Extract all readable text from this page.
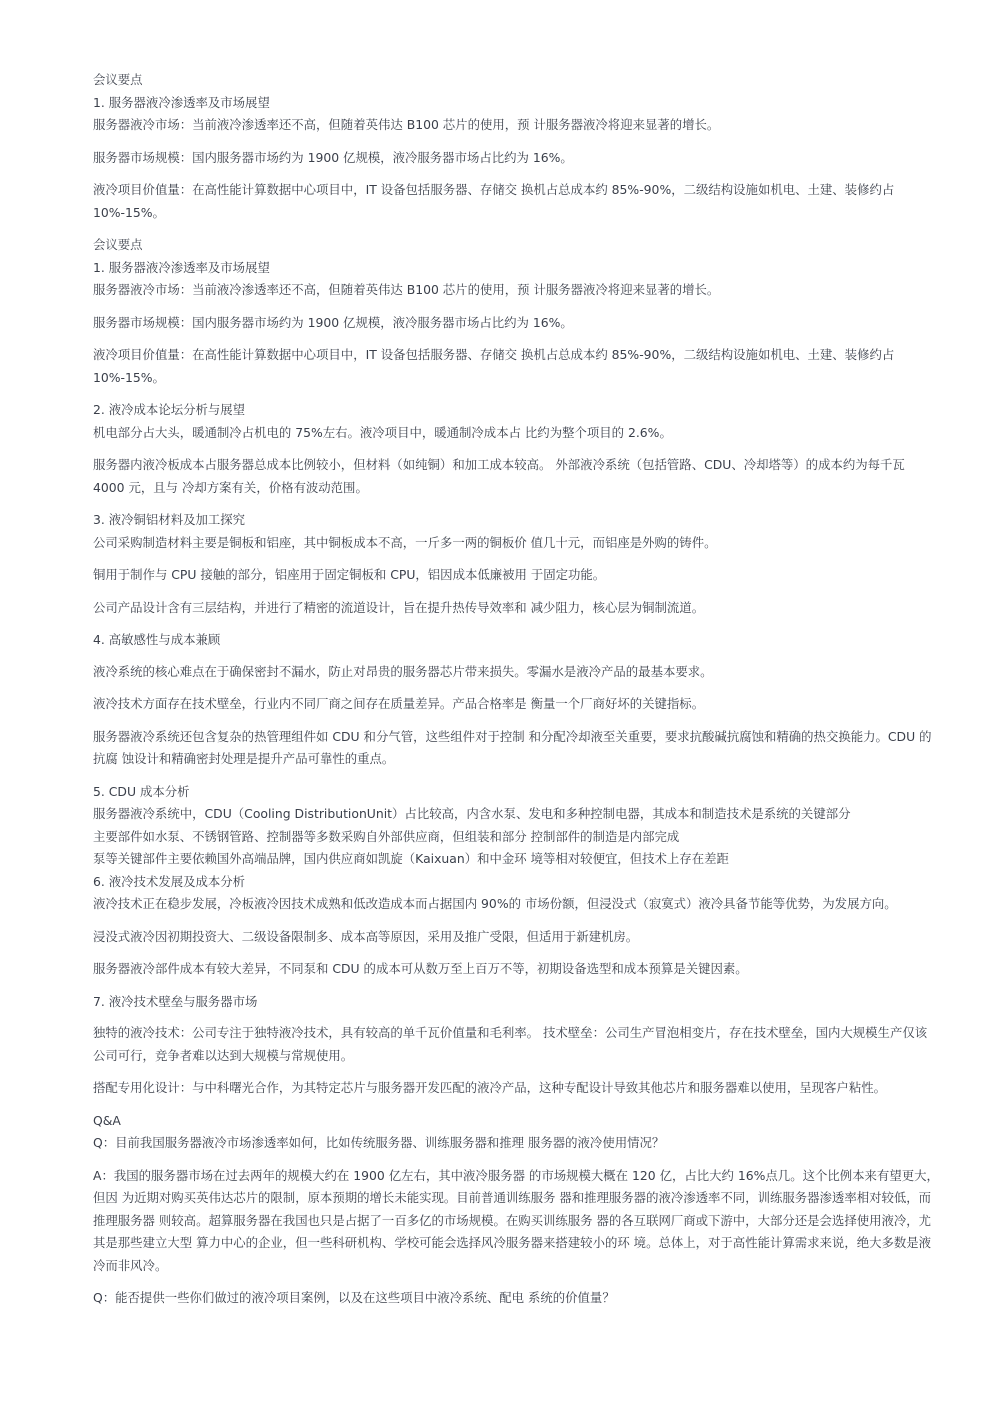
会议要点
1. 服务器液冷渗透率及市场展望

服务器液冷市场：当前液冷渗透率还不高，但随着英伟达 B100 芯片的使用，预 计服务器液冷将迎来显著的增长。

服务器市场规模：国内服务器市场约为 1900 亿规模，液冷服务器市场占比约为 16%。

液冷项目价值量：在高性能计算数据中心项目中，IT 设备包括服务器、存储交 换机占总成本约 85%-90%，二级结构设施如机电、土建、装修约占 10%-15%。

会议要点
1. 服务器液冷渗透率及市场展望

服务器液冷市场：当前液冷渗透率还不高，但随着英伟达 B100 芯片的使用，预 计服务器液冷将迎来显著的增长。

服务器市场规模：国内服务器市场约为 1900 亿规模，液冷服务器市场占比约为 16%。

液冷项目价值量：在高性能计算数据中心项目中，IT 设备包括服务器、存储交 换机占总成本约 85%-90%，二级结构设施如机电、土建、装修约占 10%-15%。

2. 液冷成本论坛分析与展望

机电部分占大头，暖通制冷占机电的 75%左右。液冷项目中，暖通制冷成本占 比约为整个项目的 2.6%。

服务器内液冷板成本占服务器总成本比例较小，但材料（如纯铜）和加工成本较高。 外部液冷系统（包括管路、CDU、冷却塔等）的成本约为每千瓦 4000 元，且与 冷却方案有关，价格有波动范围。

3. 液冷铜铝材料及加工探究

公司采购制造材料主要是铜板和铝座，其中铜板成本不高，一斤多一两的铜板价 值几十元，而铝座是外购的铸件。

铜用于制作与 CPU 接触的部分，铝座用于固定铜板和 CPU，铝因成本低廉被用 于固定功能。

公司产品设计含有三层结构，并进行了精密的流道设计，旨在提升热传导效率和 减少阻力，核心层为铜制流道。

4. 高敏感性与成本兼顾

液冷系统的核心难点在于确保密封不漏水，防止对昂贵的服务器芯片带来损失。零漏水是液冷产品的最基本要求。

液冷技术方面存在技术壁垒，行业内不同厂商之间存在质量差异。产品合格率是 衡量一个厂商好坏的关键指标。

服务器液冷系统还包含复杂的热管理组件如 CDU 和分气管，这些组件对于控制 和分配冷却液至关重要，要求抗酸碱抗腐蚀和精确的热交换能力。CDU 的抗腐 蚀设计和精确密封处理是提升产品可靠性的重点。

5. CDU 成本分析

服务器液冷系统中，CDU（Cooling DistributionUnit）占比较高，内含水泵、发电和多种控制电器，其成本和制造技术是系统的关键部分

主要部件如水泵、不锈钢管路、控制器等多数采购自外部供应商，但组装和部分 控制部件的制造是内部完成

泵等关键部件主要依赖国外高端品牌，国内供应商如凯旋（Kaixuan）和中金环 境等相对较便宜，但技术上存在差距

6. 液冷技术发展及成本分析

液冷技术正在稳步发展，冷板液冷因技术成熟和低改造成本而占据国内 90%的 市场份额，但浸没式（寂寞式）液冷具备节能等优势，为发展方向。

浸没式液冷因初期投资大、二级设备限制多、成本高等原因，采用及推广受限，但适用于新建机房。

服务器液冷部件成本有较大差异，不同泵和 CDU 的成本可从数万至上百万不等，初期设备选型和成本预算是关键因素。

7. 液冷技术壁垒与服务器市场

独特的液冷技术：公司专注于独特液冷技术，具有较高的单千瓦价值量和毛利率。 技术壁垒：公司生产冒泡相变片，存在技术壁垒，国内大规模生产仅该公司可行，竞争者难以达到大规模与常规使用。

搭配专用化设计：与中科曙光合作，为其特定芯片与服务器开发匹配的液冷产品，这种专配设计导致其他芯片和服务器难以使用，呈现客户粘性。

Q&A

Q：目前我国服务器液冷市场渗透率如何，比如传统服务器、训练服务器和推理 服务器的液冷使用情况？

A：我国的服务器市场在过去两年的规模大约在 1900 亿左右，其中液冷服务器 的市场规模大概在 120 亿，占比大约 16%点几。这个比例本来有望更大，但因 为近期对购买英伟达芯片的限制，原本预期的增长未能实现。目前普通训练服务 器和推理服务器的液冷渗透率不同，训练服务器渗透率相对较低，而推理服务器 则较高。超算服务器在我国也只是占据了一百多亿的市场规模。在购买训练服务 器的各互联网厂商或下游中，大部分还是会选择使用液冷，尤其是那些建立大型 算力中心的企业，但一些科研机构、学校可能会选择风冷服务器来搭建较小的环 境。总体上，对于高性能计算需求来说，绝大多数是液冷而非风冷。

Q：能否提供一些你们做过的液冷项目案例，以及在这些项目中液冷系统、配电 系统的价值量？
